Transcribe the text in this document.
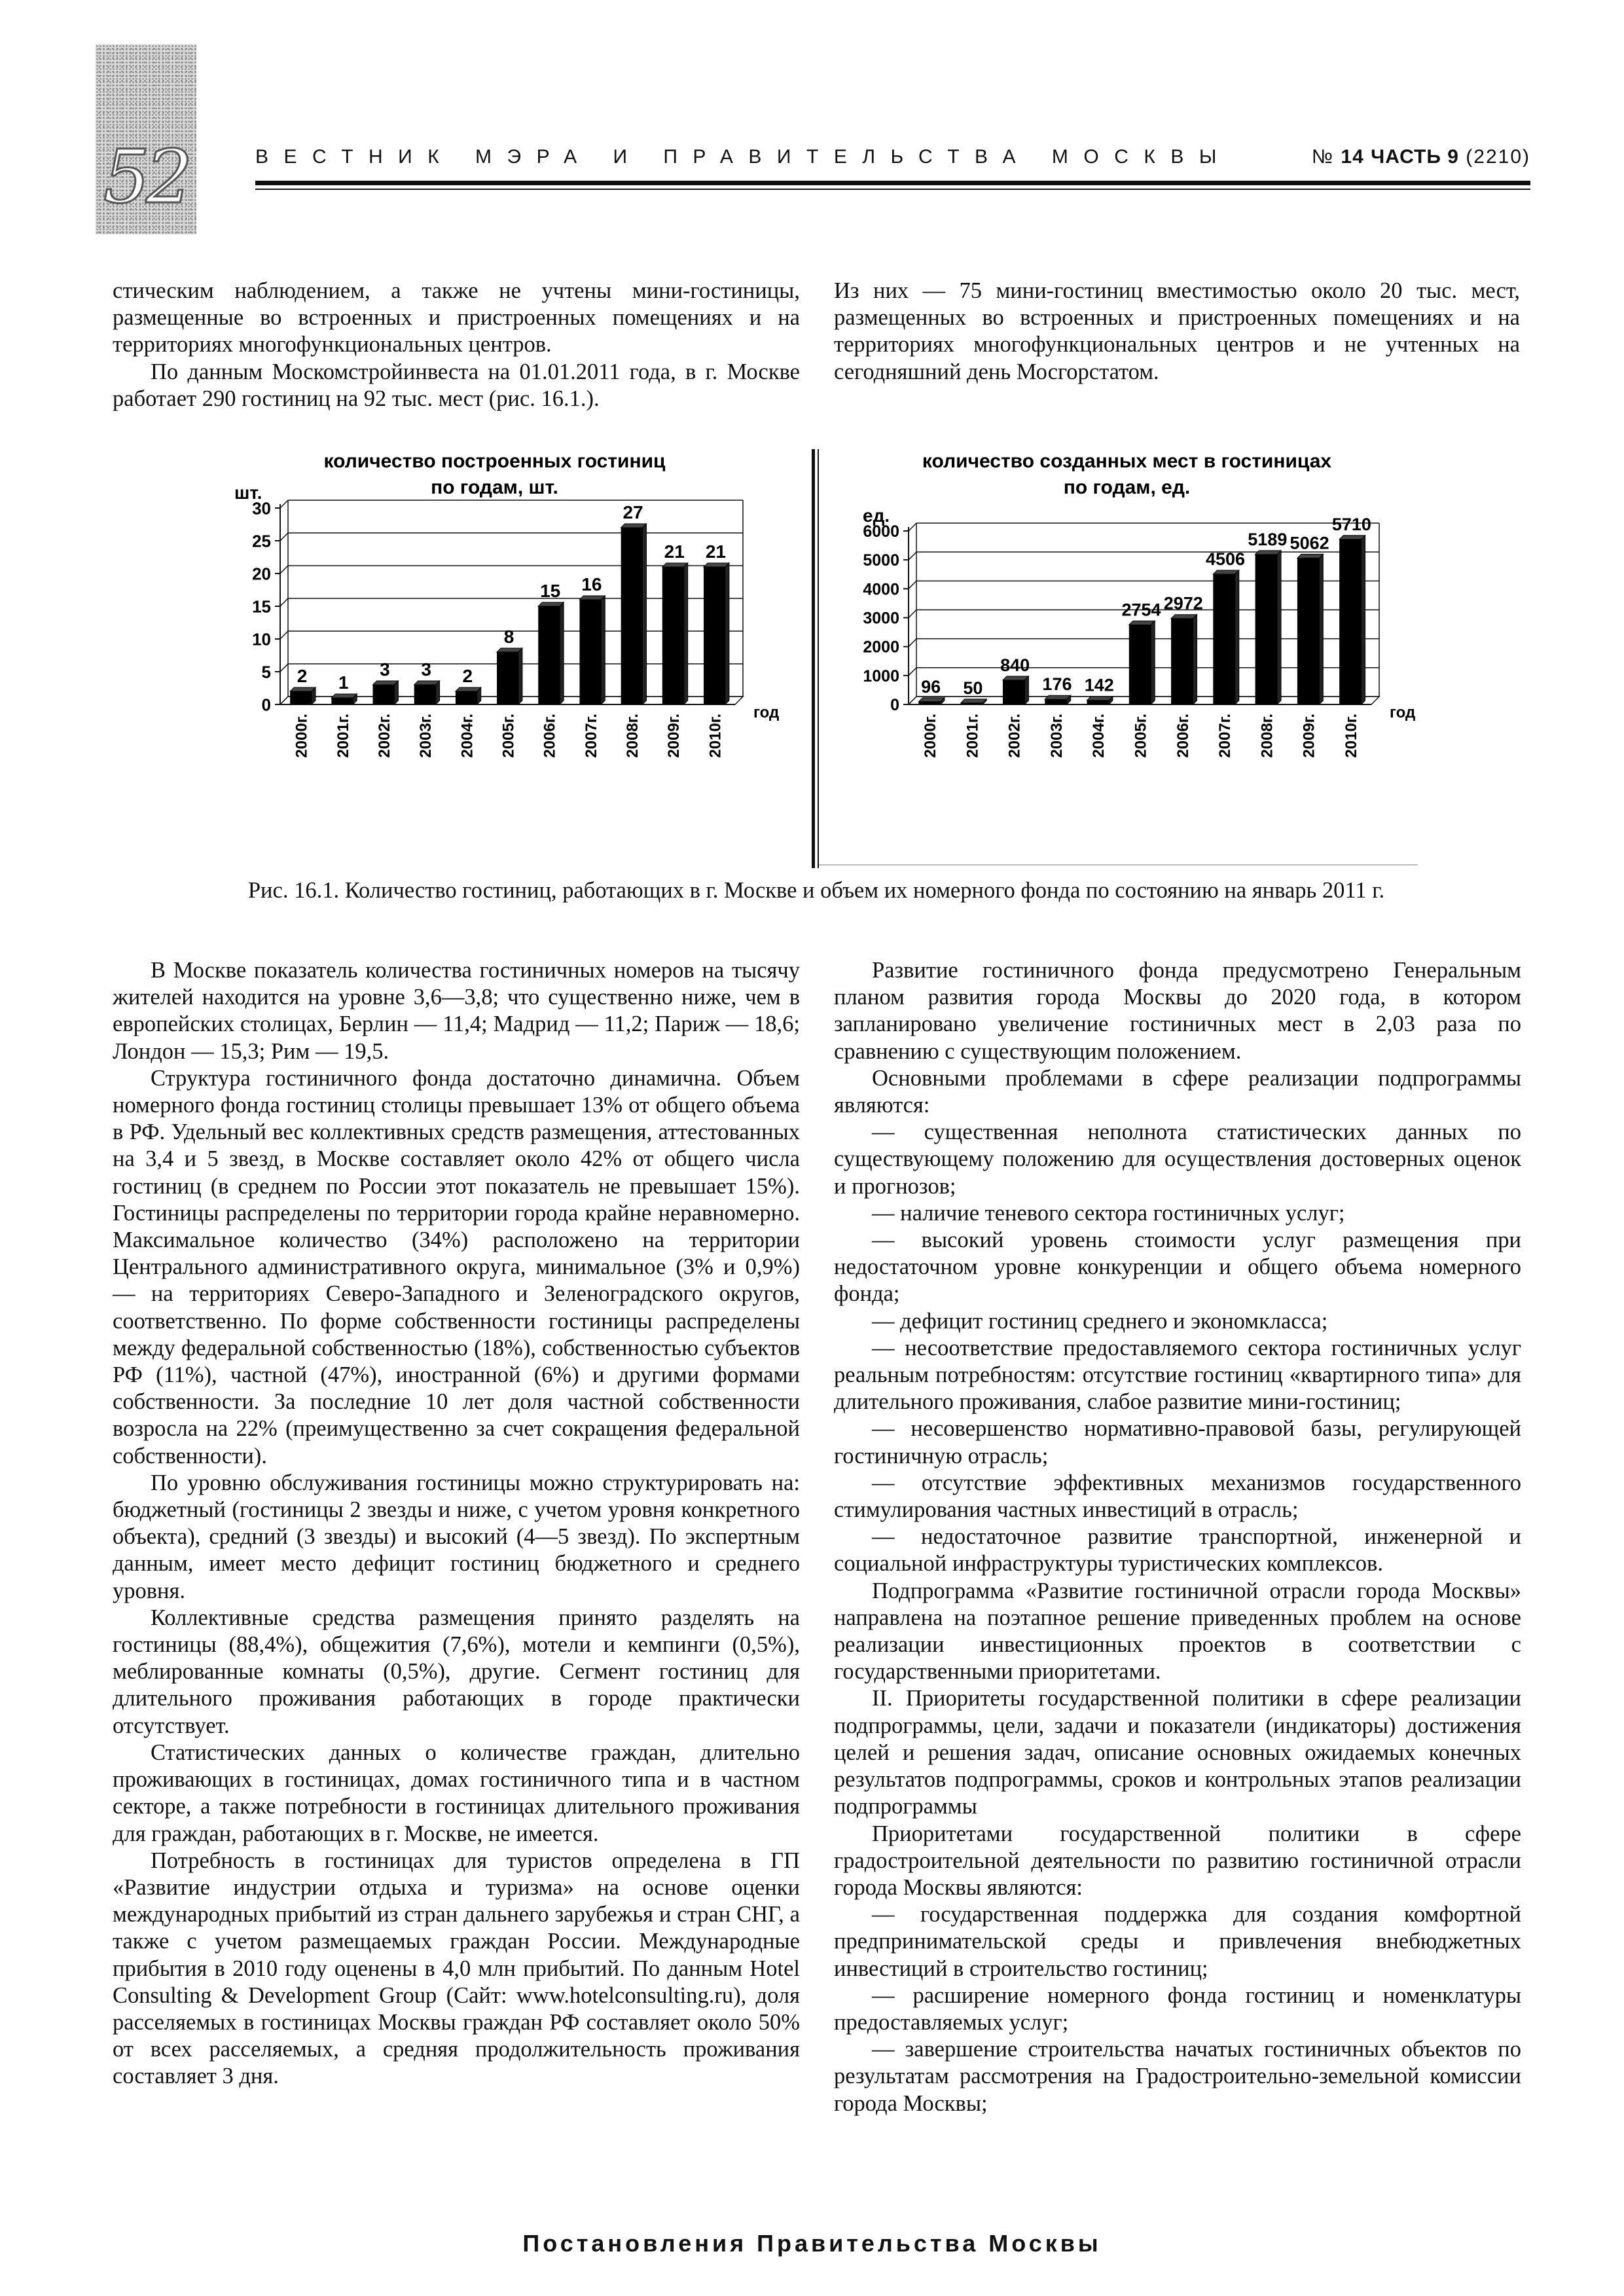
52	ВЕСТНИК МЭРА И ПРАВИТЕЛЬСТВА МОСКВЫ	№ 14 ЧАСТЬ 9 (2210)

стическим наблюдением, а также не учтены мини-гостиницы, размещенные во встроенных и пристроенных помещениях и на территориях многофункциональных центров.

По данным Москомстройинвеста на 01.01.2011 года, в г. Москве работает 290 гостиниц на 92 тыс. мест (рис. 16.1.).

Из них — 75 мини-гостиниц вместимостью около 20 тыс. мест, размещенных во встроенных и пристроенных помещениях и на территориях многофункциональных центров и не учтенных на сегодняшний день Мосгорстатом.

количество построенных гостиниц
по годам, шт.
шт.
0
5
10
15
20
25
30
2
2000г.
1
2001г.
3
2002г.
3
2003г.
2
2004г.
8
2005г.
15
2006г.
16
2007г.
27
2008г.
21
2009г.
21
2010г.
год
количество созданных мест в гостиницах
по годам, ед.
ед.
0
1000
2000
3000
4000
5000
6000
96
2000г.
50
2001г.
840
2002г.
176
2003г.
142
2004г.
2754
2005г.
2972
2006г.
4506
2007г.
5189
2008г.
5062
2009г.
5710
2010г.
год
Рис. 16.1. Количество гостиниц, работающих в г. Москве и объем их номерного фонда по состоянию на январь 2011 г.

В Москве показатель количества гостиничных номеров на тысячу жителей находится на уровне 3,6—3,8; что существенно ниже, чем в европейских столицах, Берлин — 11,4; Мадрид — 11,2; Париж — 18,6; Лондон — 15,3; Рим — 19,5.

Структура гостиничного фонда достаточно динамична. Объем номерного фонда гостиниц столицы превышает 13% от общего объема в РФ. Удельный вес коллективных средств размещения, аттестованных на 3,4 и 5 звезд, в Москве составляет около 42% от общего числа гостиниц (в среднем по России этот показатель не превышает 15%). Гостиницы распределены по территории города крайне неравномерно. Максимальное количество (34%) расположено на территории Центрального административного округа, минимальное (3% и 0,9%) — на территориях Северо-Западного и Зеленоградского округов, соответственно. По форме собственности гостиницы распределены между федеральной собственностью (18%), собственностью субъектов РФ (11%), частной (47%), иностранной (6%) и другими формами собственности. За последние 10 лет доля частной собственности возросла на 22% (преимущественно за счет сокращения федеральной собственности).

По уровню обслуживания гостиницы можно структурировать на: бюджетный (гостиницы 2 звезды и ниже, с учетом уровня конкретного объекта), средний (3 звезды) и высокий (4—5 звезд). По экспертным данным, имеет место дефицит гостиниц бюджетного и среднего уровня.

Коллективные средства размещения принято разделять на гостиницы (88,4%), общежития (7,6%), мотели и кемпинги (0,5%), меблированные комнаты (0,5%), другие. Сегмент гостиниц для длительного проживания работающих в городе практически отсутствует.

Статистических данных о количестве граждан, длительно проживающих в гостиницах, домах гостиничного типа и в частном секторе, а также потребности в гостиницах длительного проживания для граждан, работающих в г. Москве, не имеется.

Потребность в гостиницах для туристов определена в ГП «Развитие индустрии отдыха и туризма» на основе оценки международных прибытий из стран дальнего зарубежья и стран СНГ, а также с учетом размещаемых граждан России. Международные прибытия в 2010 году оценены в 4,0 млн прибытий. По данным Hotel Consulting & Development Group (Сайт: www.hotelconsulting.ru), доля расселяемых в гостиницах Москвы граждан РФ составляет около 50% от всех расселяемых, а средняя продолжительность проживания составляет 3 дня.

Развитие гостиничного фонда предусмотрено Генеральным планом развития города Москвы до 2020 года, в котором запланировано увеличение гостиничных мест в 2,03 раза по сравнению с существующим положением.

Основными проблемами в сфере реализации подпрограммы являются:

— существенная неполнота статистических данных по существующему положению для осуществления достоверных оценок и прогнозов;

— наличие теневого сектора гостиничных услуг;

— высокий уровень стоимости услуг размещения при недостаточном уровне конкуренции и общего объема номерного фонда;

— дефицит гостиниц среднего и экономкласса;

— несоответствие предоставляемого сектора гостиничных услуг реальным потребностям: отсутствие гостиниц «квартирного типа» для длительного проживания, слабое развитие мини-гостиниц;

— несовершенство нормативно-правовой базы, регулирующей гостиничную отрасль;

— отсутствие эффективных механизмов государственного стимулирования частных инвестиций в отрасль;

— недостаточное развитие транспортной, инженерной и социальной инфраструктуры туристических комплексов.

Подпрограмма «Развитие гостиничной отрасли города Москвы» направлена на поэтапное решение приведенных проблем на основе реализации инвестиционных проектов в соответствии с государственными приоритетами.

II. Приоритеты государственной политики в сфере реализации подпрограммы, цели, задачи и показатели (индикаторы) достижения целей и решения задач, описание основных ожидаемых конечных результатов подпрограммы, сроков и контрольных этапов реализации подпрограммы

Приоритетами государственной политики в сфере градостроительной деятельности по развитию гостиничной отрасли города Москвы являются:

— государственная поддержка для создания комфортной предпринимательской среды и привлечения внебюджетных инвестиций в строительство гостиниц;

— расширение номерного фонда гостиниц и номенклатуры предоставляемых услуг;

— завершение строительства начатых гостиничных объектов по результатам рассмотрения на Градостроительно-земельной комиссии города Москвы;

Постановления Правительства Москвы
